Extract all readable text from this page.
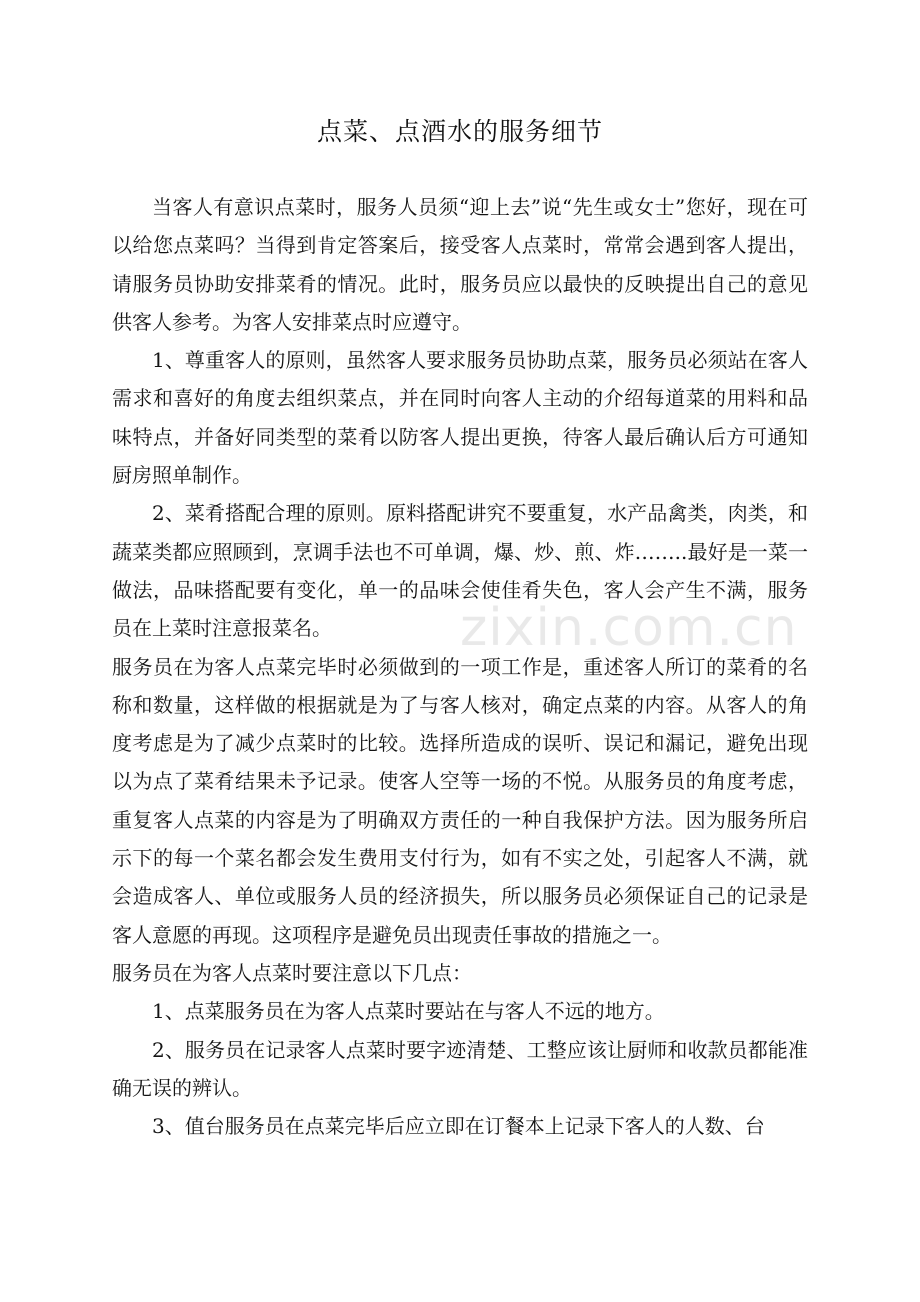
点菜、点酒水的服务细节

当客人有意识点菜时，服务人员须“迎上去”说“先生或女士”您好，现在可以给您点菜吗？当得到肯定答案后，接受客人点菜时，常常会遇到客人提出，请服务员协助安排菜肴的情况。此时，服务员应以最快的反映提出自己的意见供客人参考。为客人安排菜点时应遵守。

1、尊重客人的原则，虽然客人要求服务员协助点菜，服务员必须站在客人需求和喜好的角度去组织菜点，并在同时向客人主动的介绍每道菜的用料和品味特点，并备好同类型的菜肴以防客人提出更换，待客人最后确认后方可通知厨房照单制作。

2、菜肴搭配合理的原则。原料搭配讲究不要重复，水产品禽类，肉类，和蔬菜类都应照顾到，烹调手法也不可单调，爆、炒、煎、炸……..最好是一菜一做法，品味搭配要有变化，单一的品味会使佳肴失色，客人会产生不满，服务员在上菜时注意报菜名。

服务员在为客人点菜完毕时必须做到的一项工作是，重述客人所订的菜肴的名称和数量，这样做的根据就是为了与客人核对，确定点菜的内容。从客人的角度考虑是为了减少点菜时的比较。选择所造成的误听、误记和漏记，避免出现以为点了菜肴结果未予记录。使客人空等一场的不悦。从服务员的角度考虑，重复客人点菜的内容是为了明确双方责任的一种自我保护方法。因为服务所启示下的每一个菜名都会发生费用支付行为，如有不实之处，引起客人不满，就会造成客人、单位或服务人员的经济损失，所以服务员必须保证自己的记录是客人意愿的再现。这项程序是避免员出现责任事故的措施之一。

服务员在为客人点菜时要注意以下几点：

1、点菜服务员在为客人点菜时要站在与客人不远的地方。

2、服务员在记录客人点菜时要字迹清楚、工整应该让厨师和收款员都能准确无误的辨认。

3、值台服务员在点菜完毕后应立即在订餐本上记录下客人的人数、台

zixin.com.cn
